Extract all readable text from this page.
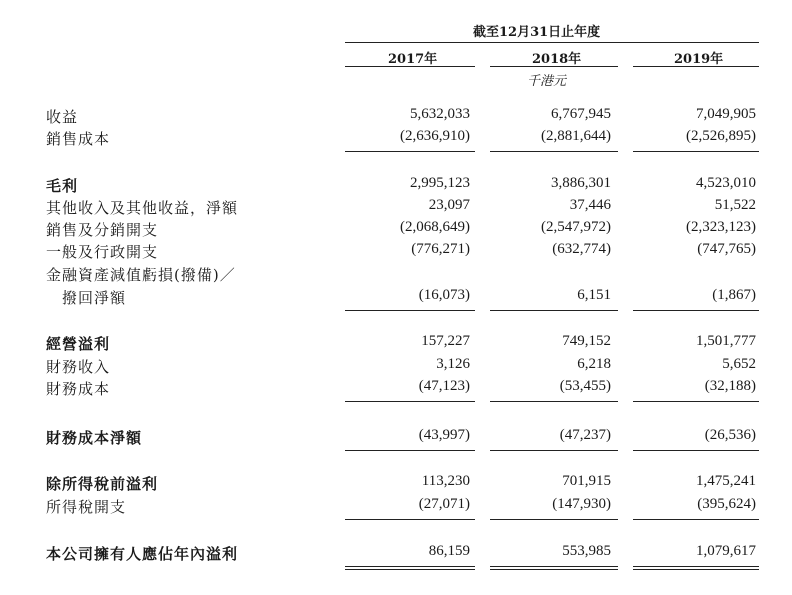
截至12月31日止年度
2017年	2018年	2019年
千港元
收益	5,632,033	6,767,945	7,049,905
銷售成本	(2,636,910)	(2,881,644)	(2,526,895)
毛利	2,995,123	3,886,301	4,523,010
其他收入及其他收益，淨額	23,097	37,446	51,522
銷售及分銷開支	(2,068,649)	(2,547,972)	(2,323,123)
一般及行政開支	(776,271)	(632,774)	(747,765)
金融資產減值虧損(撥備)／
　撥回淨額	(16,073)	6,151	(1,867)
經營溢利	157,227	749,152	1,501,777
財務收入	3,126	6,218	5,652
財務成本	(47,123)	(53,455)	(32,188)
財務成本淨額	(43,997)	(47,237)	(26,536)
除所得稅前溢利	113,230	701,915	1,475,241
所得稅開支	(27,071)	(147,930)	(395,624)
本公司擁有人應佔年內溢利	86,159	553,985	1,079,617
